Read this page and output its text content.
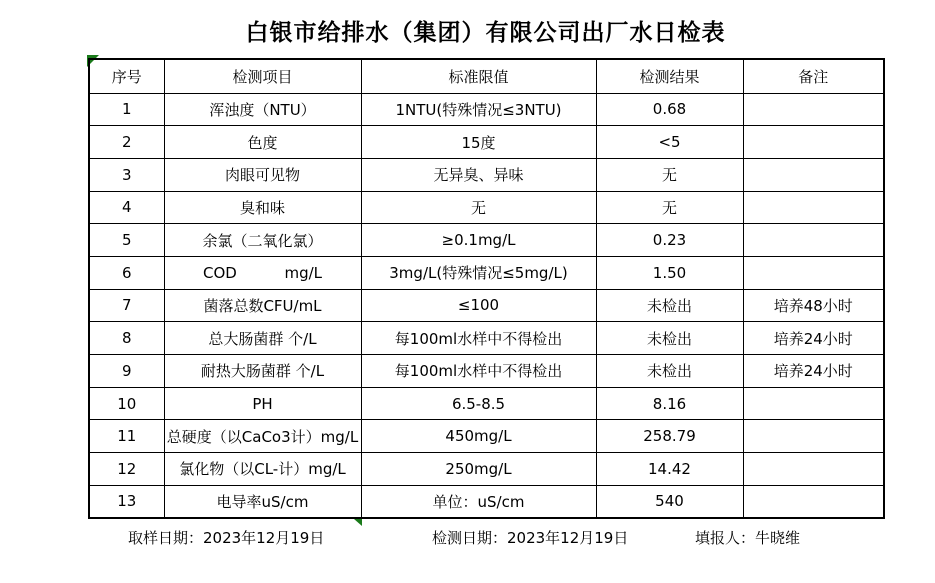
白银市给排水（集团）有限公司出厂水日检表
序号	检测项目	标准限值	检测结果	备注
1	浑浊度（NTU）	1NTU(特殊情况≤3NTU)	0.68	
2	色度	15度	<5	
3	肉眼可见物	无异臭、异味	无	
4	臭和味	无	无	
5	余氯（二氧化氯）	≥0.1mg/L	0.23	
6	COD          mg/L	3mg/L(特殊情况≤5mg/L)	1.50	
7	菌落总数CFU/mL	≤100	未检出	培养48小时
8	总大肠菌群 个/L	每100ml水样中不得检出	未检出	培养24小时
9	耐热大肠菌群 个/L	每100ml水样中不得检出	未检出	培养24小时
10	PH	6.5-8.5	8.16	
11	总硬度（以CaCo3计）mg/L	450mg/L	258.79	
12	氯化物（以CL-计）mg/L	250mg/L	14.42	
13	电导率uS/cm	单位：uS/cm	540	
取样日期：2023年12月19日	检测日期：2023年12月19日	填报人：牛晓维
